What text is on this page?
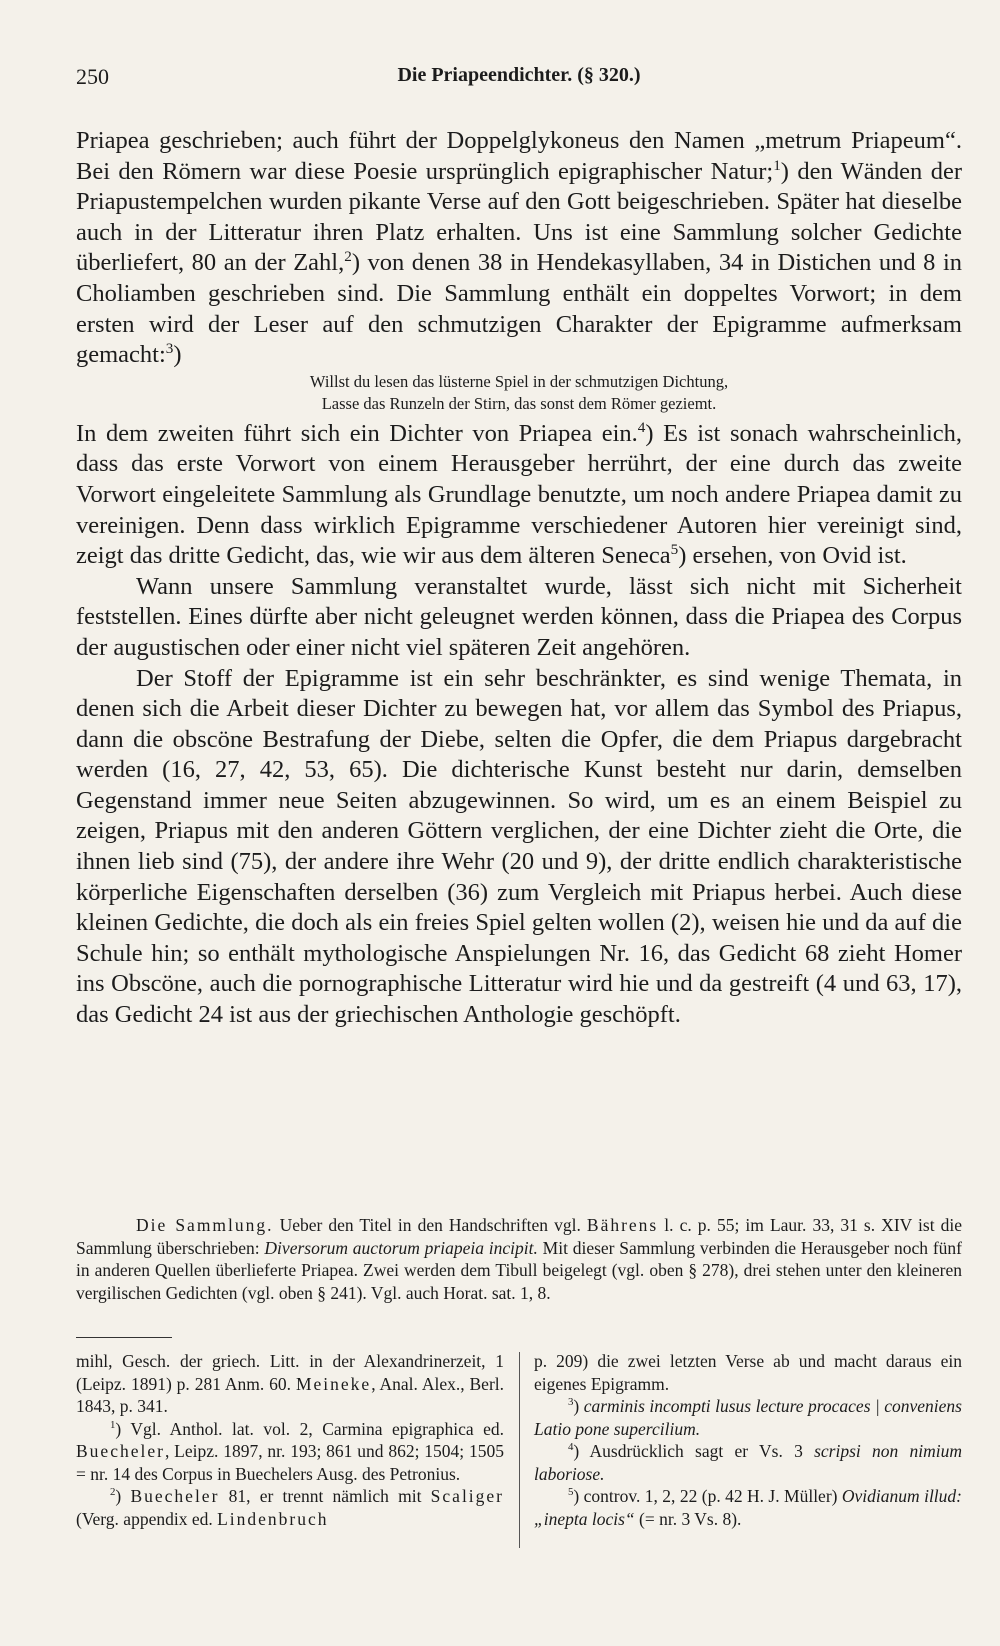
250	Die Priapeendichter. (§ 320.)

Priapea geschrieben; auch führt der Doppelglykoneus den Namen „metrum Priapeum“. Bei den Römern war diese Poesie ursprünglich epigraphischer Natur;$^1$) den Wänden der Priapustempelchen wurden pikante Verse auf den Gott beigeschrieben. Später hat dieselbe auch in der Litteratur ihren Platz erhalten. Uns ist eine Sammlung solcher Gedichte überliefert, 80 an der Zahl,$^2$) von denen 38 in Hendekasyllaben, 34 in Distichen und 8 in Choliamben geschrieben sind. Die Sammlung enthält ein doppeltes Vorwort; in dem ersten wird der Leser auf den schmutzigen Charakter der Epigramme aufmerksam gemacht:$^3$)

Willst du lesen das lüsterne Spiel in der schmutzigen Dichtung,

Lasse das Runzeln der Stirn, das sonst dem Römer geziemt.

In dem zweiten führt sich ein Dichter von Priapea ein.$^4$) Es ist sonach wahrscheinlich, dass das erste Vorwort von einem Herausgeber herrührt, der eine durch das zweite Vorwort eingeleitete Sammlung als Grundlage benutzte, um noch andere Priapea damit zu vereinigen. Denn dass wirklich Epigramme verschiedener Autoren hier vereinigt sind, zeigt das dritte Gedicht, das, wie wir aus dem älteren Seneca$^5$) ersehen, von Ovid ist.

Wann unsere Sammlung veranstaltet wurde, lässt sich nicht mit Sicherheit feststellen. Eines dürfte aber nicht geleugnet werden können, dass die Priapea des Corpus der augustischen oder einer nicht viel späteren Zeit angehören.

Der Stoff der Epigramme ist ein sehr beschränkter, es sind wenige Themata, in denen sich die Arbeit dieser Dichter zu bewegen hat, vor allem das Symbol des Priapus, dann die obscöne Bestrafung der Diebe, selten die Opfer, die dem Priapus dargebracht werden (16, 27, 42, 53, 65). Die dichterische Kunst besteht nur darin, demselben Gegenstand immer neue Seiten abzugewinnen. So wird, um es an einem Beispiel zu zeigen, Priapus mit den anderen Göttern verglichen, der eine Dichter zieht die Orte, die ihnen lieb sind (75), der andere ihre Wehr (20 und 9), der dritte endlich charakteristische körperliche Eigenschaften derselben (36) zum Vergleich mit Priapus herbei. Auch diese kleinen Gedichte, die doch als ein freies Spiel gelten wollen (2), weisen hie und da auf die Schule hin; so enthält mythologische Anspielungen Nr. 16, das Gedicht 68 zieht Homer ins Obscöne, auch die pornographische Litteratur wird hie und da gestreift (4 und 63, 17), das Gedicht 24 ist aus der griechischen Anthologie geschöpft.

Die Sammlung. Ueber den Titel in den Handschriften vgl. Bährens l. c. p. 55; im Laur. 33, 31 s. XIV ist die Sammlung überschrieben: Diversorum auctorum priapeia incipit. Mit dieser Sammlung verbinden die Herausgeber noch fünf in anderen Quellen überlieferte Priapea. Zwei werden dem Tibull beigelegt (vgl. oben § 278), drei stehen unter den kleineren vergilischen Gedichten (vgl. oben § 241). Vgl. auch Horat. sat. 1, 8.

mihl, Gesch. der griech. Litt. in der Alexandrinerzeit, 1 (Leipz. 1891) p. 281 Anm. 60. Meineke, Anal. Alex., Berl. 1843, p. 341.

$^1$) Vgl. Anthol. lat. vol. 2, Carmina epigraphica ed. Buecheler, Leipz. 1897, nr. 193; 861 und 862; 1504; 1505 = nr. 14 des Corpus in Buechelers Ausg. des Petronius.

$^2$) Buecheler 81, er trennt nämlich mit Scaliger (Verg. appendix ed. Lindenbruch

p. 209) die zwei letzten Verse ab und macht daraus ein eigenes Epigramm.

$^3$) carminis incompti lusus lecture procaces | conveniens Latio pone supercilium.

$^4$) Ausdrücklich sagt er Vs. 3 scripsi non nimium laboriose.

$^5$) controv. 1, 2, 22 (p. 42 H. J. Müller) Ovidianum illud: „inepta locis“ (= nr. 3 Vs. 8).
